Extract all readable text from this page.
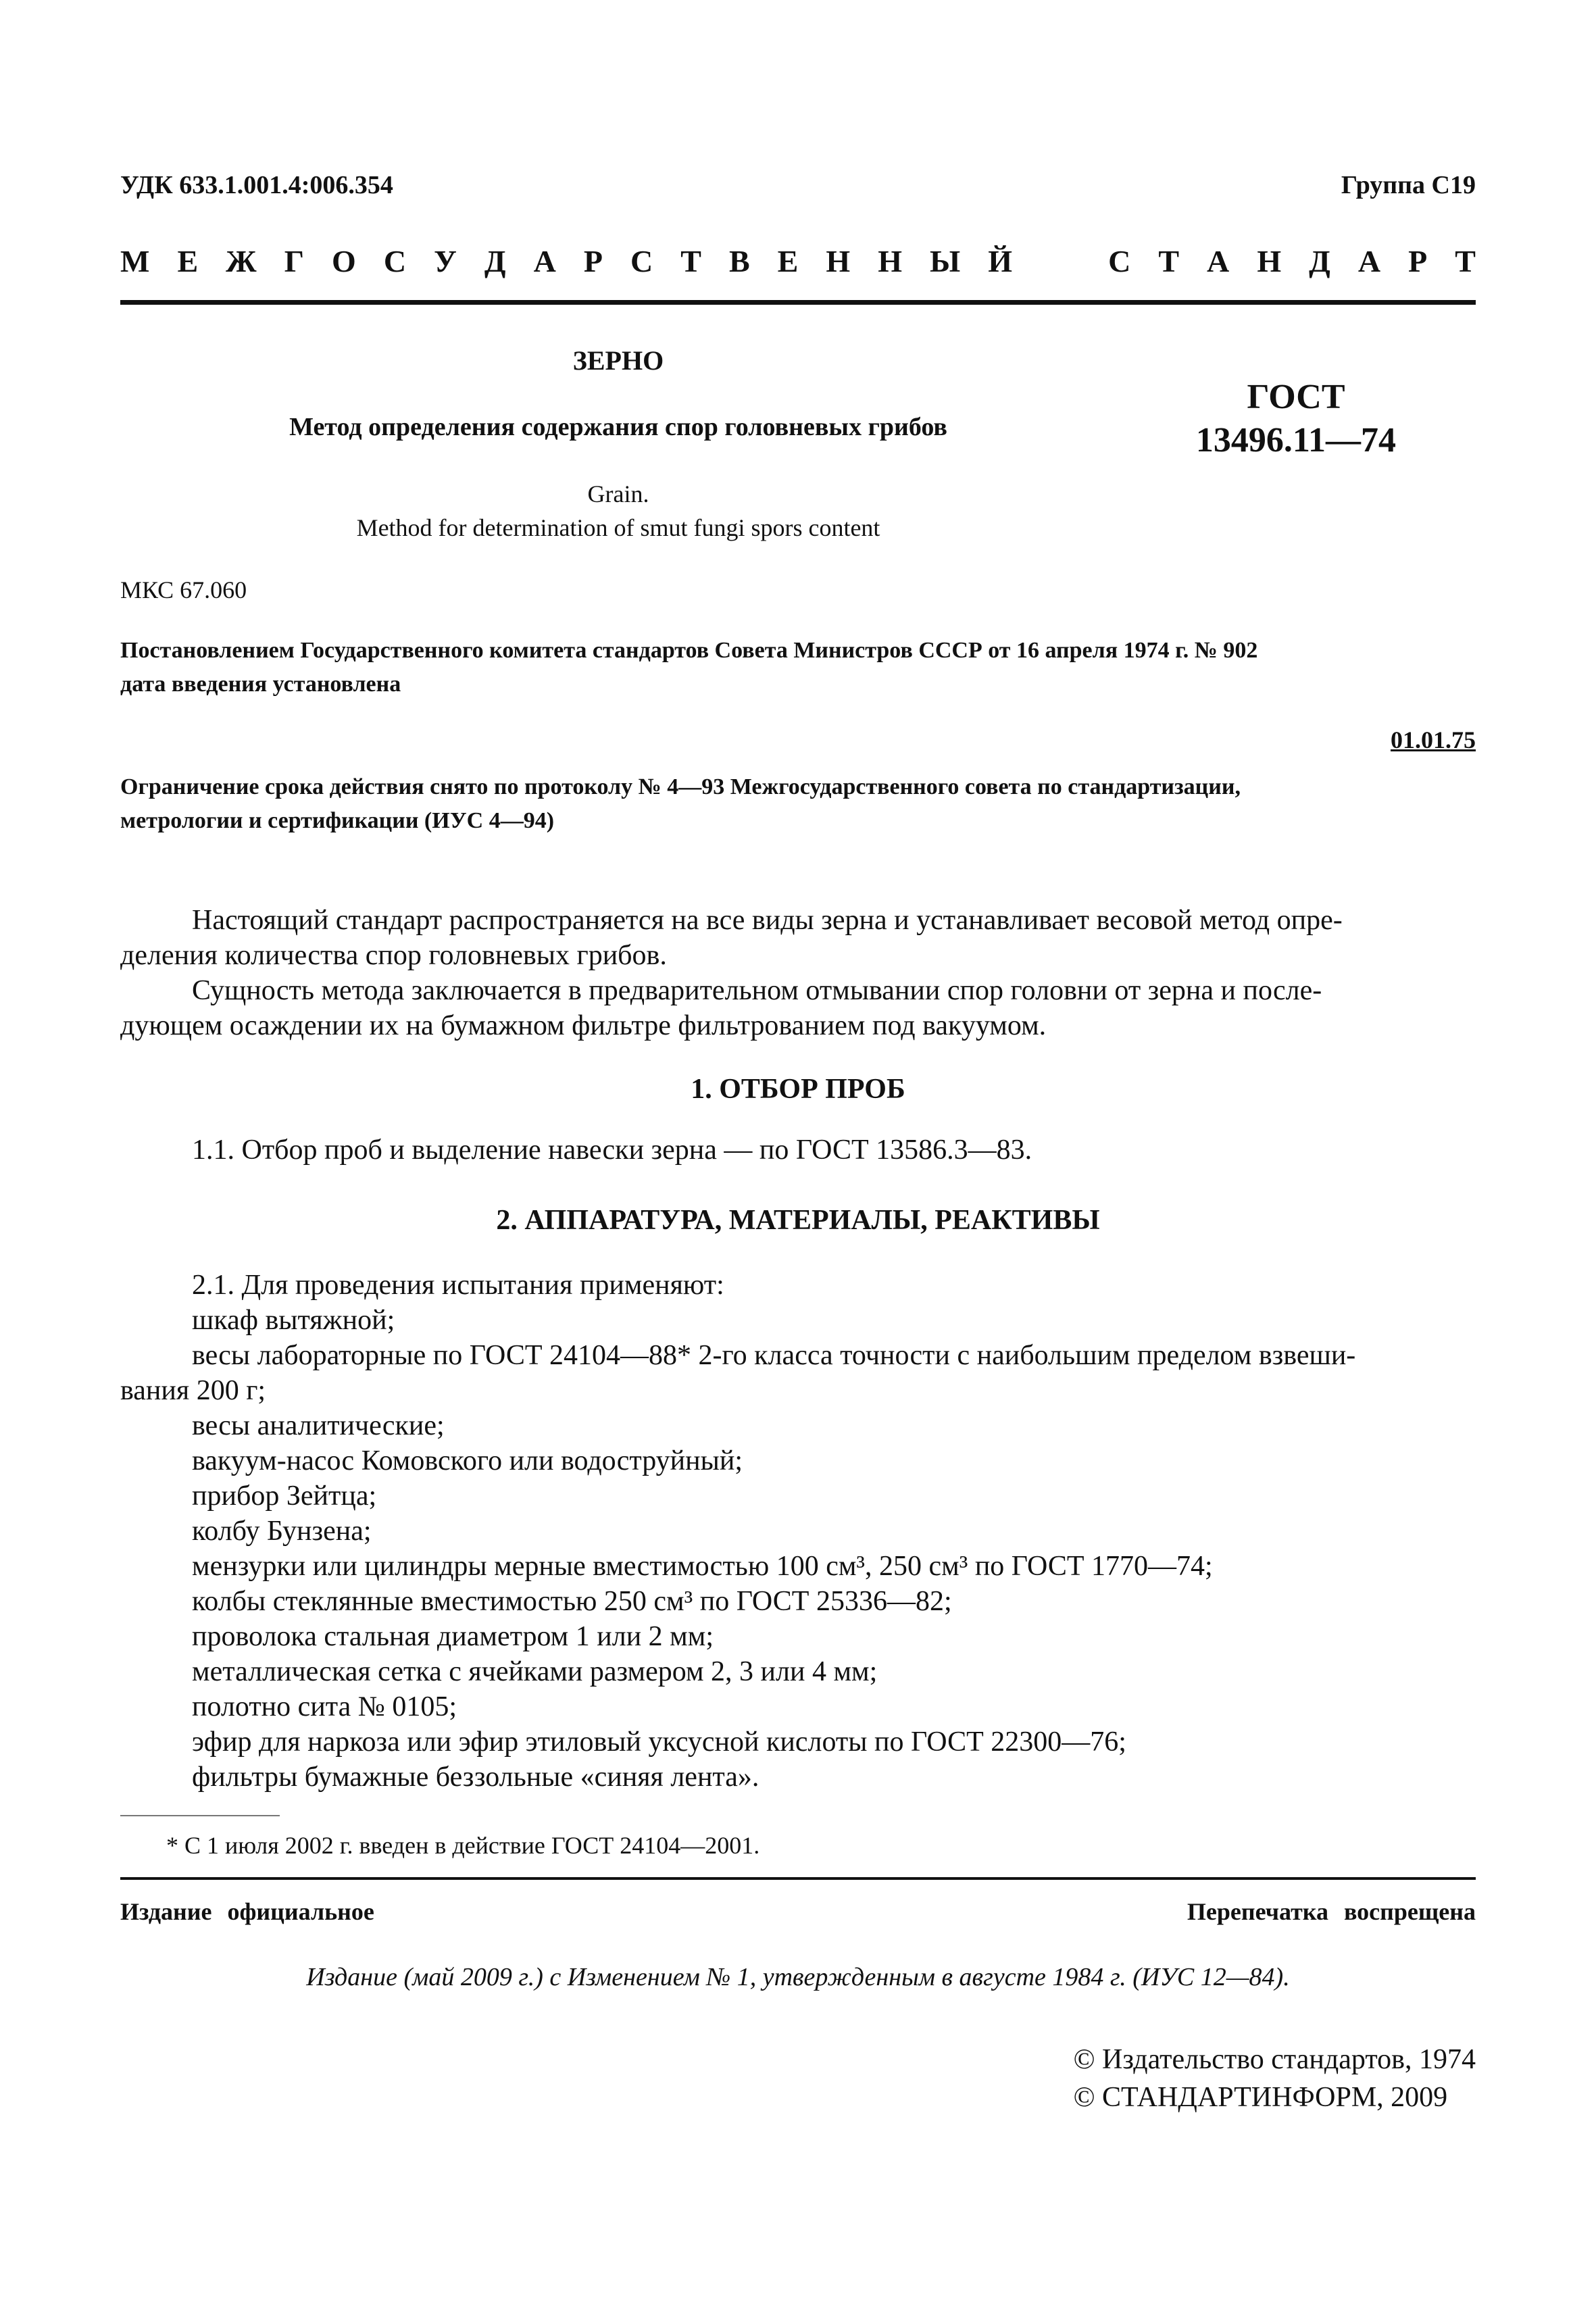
УДК 633.1.001.4:006.354	Группа С19
М Е Ж Г О С У Д А Р С Т В Е Н Н Ы Й	С Т А Н Д А Р Т
ЗЕРНО
Метод определения содержания спор головневых грибов
Grain.
Method for determination of smut fungi spors content
ГОСТ
13496.11—74
МКС 67.060
Постановлением Государственного комитета стандартов Совета Министров СССР от 16 апреля 1974 г. № 902
дата введения установлена
01.01.75
Ограничение срока действия снято по протоколу № 4—93 Межгосударственного совета по стандартизации,
метрологии и сертификации (ИУС 4—94)
Настоящий стандарт распространяется на все виды зерна и устанавливает весовой метод опре-
деления количества спор головневых грибов.
Сущность метода заключается в предварительном отмывании спор головни от зерна и после-
дующем осаждении их на бумажном фильтре фильтрованием под вакуумом.
1. ОТБОР ПРОБ
1.1. Отбор проб и выделение навески зерна — по ГОСТ 13586.3—83.
2. АППАРАТУРА, МАТЕРИАЛЫ, РЕАКТИВЫ
2.1. Для проведения испытания применяют:
шкаф вытяжной;
весы лабораторные по ГОСТ 24104—88* 2-го класса точности с наибольшим пределом взвеши-
вания 200 г;
весы аналитические;
вакуум-насос Комовского или водоструйный;
прибор Зейтца;
колбу Бунзена;
мензурки или цилиндры мерные вместимостью 100 см³, 250 см³ по ГОСТ 1770—74;
колбы стеклянные вместимостью 250 см³ по ГОСТ 25336—82;
проволока стальная диаметром 1 или 2 мм;
металлическая сетка с ячейками размером 2, 3 или 4 мм;
полотно сита № 0105;
эфир для наркоза или эфир этиловый уксусной кислоты по ГОСТ 22300—76;
фильтры бумажные беззольные «синяя лента».
* С 1 июля 2002 г. введен в действие ГОСТ 24104—2001.
Издание официальное	Перепечатка воспрещена
Издание (май 2009 г.) с Изменением № 1, утвержденным в августе 1984 г. (ИУС 12—84).
© Издательство стандартов, 1974
© СТАНДАРТИНФОРМ, 2009
